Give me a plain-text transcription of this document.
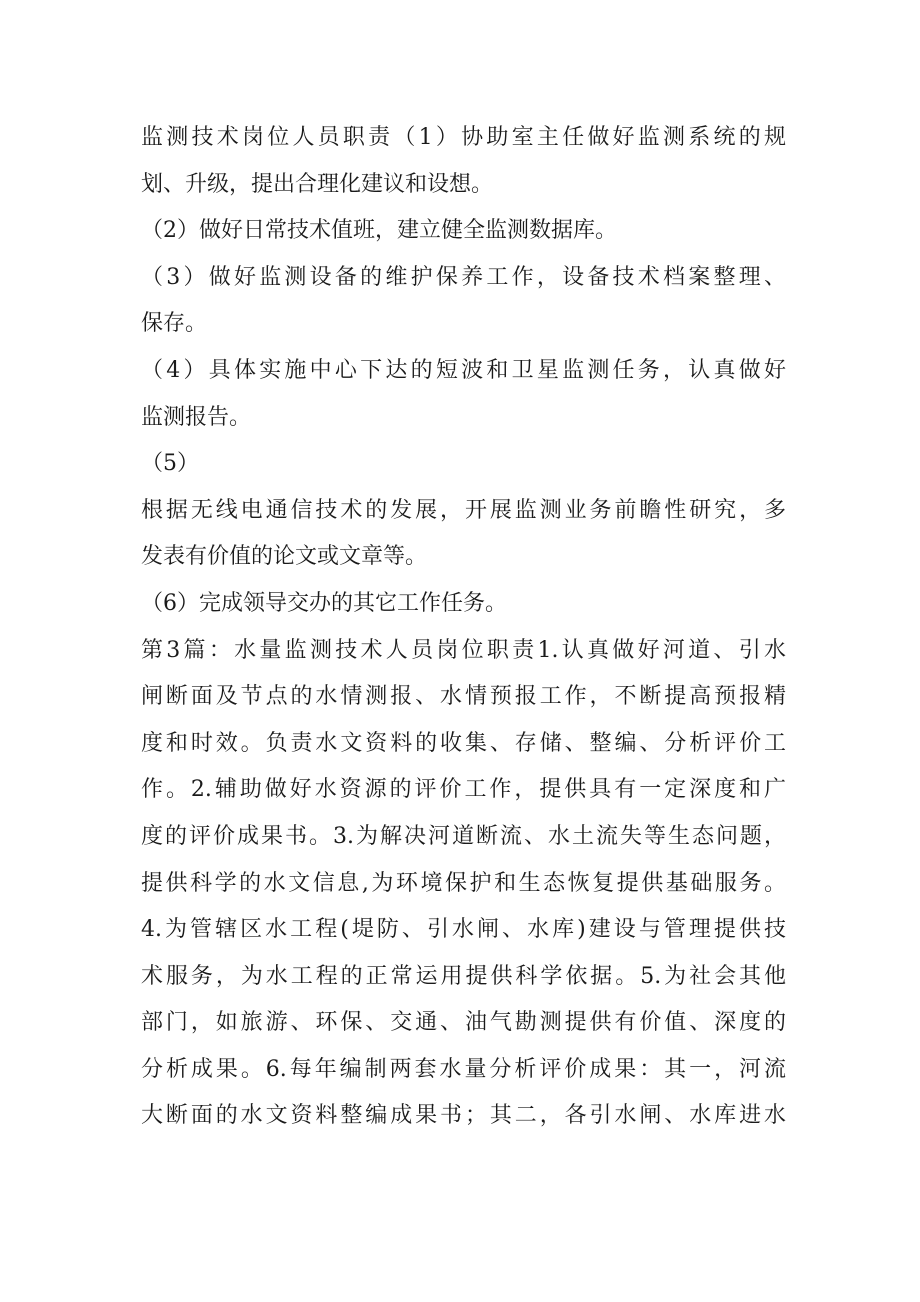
监测技术岗位人员职责（1）协助室主任做好监测系统的规
划、升级，提出合理化建议和设想。
（2）做好日常技术值班，建立健全监测数据库。
（3）做好监测设备的维护保养工作，设备技术档案整理、
保存。
（4）具体实施中心下达的短波和卫星监测任务，认真做好
监测报告。
（5）
根据无线电通信技术的发展，开展监测业务前瞻性研究，多
发表有价值的论文或文章等。
（6）完成领导交办的其它工作任务。
第3篇：水量监测技术人员岗位职责1.认真做好河道、引水
闸断面及节点的水情测报、水情预报工作，不断提高预报精
度和时效。负责水文资料的收集、存储、整编、分析评价工
作。2.辅助做好水资源的评价工作，提供具有一定深度和广
度的评价成果书。3.为解决河道断流、水土流失等生态问题，
提供科学的水文信息,为环境保护和生态恢复提供基础服务。
4.为管辖区水工程(堤防、引水闸、水库)建设与管理提供技
术服务，为水工程的正常运用提供科学依据。5.为社会其他
部门，如旅游、环保、交通、油气勘测提供有价值、深度的
分析成果。6.每年编制两套水量分析评价成果：其一，河流
大断面的水文资料整编成果书；其二，各引水闸、水库进水
